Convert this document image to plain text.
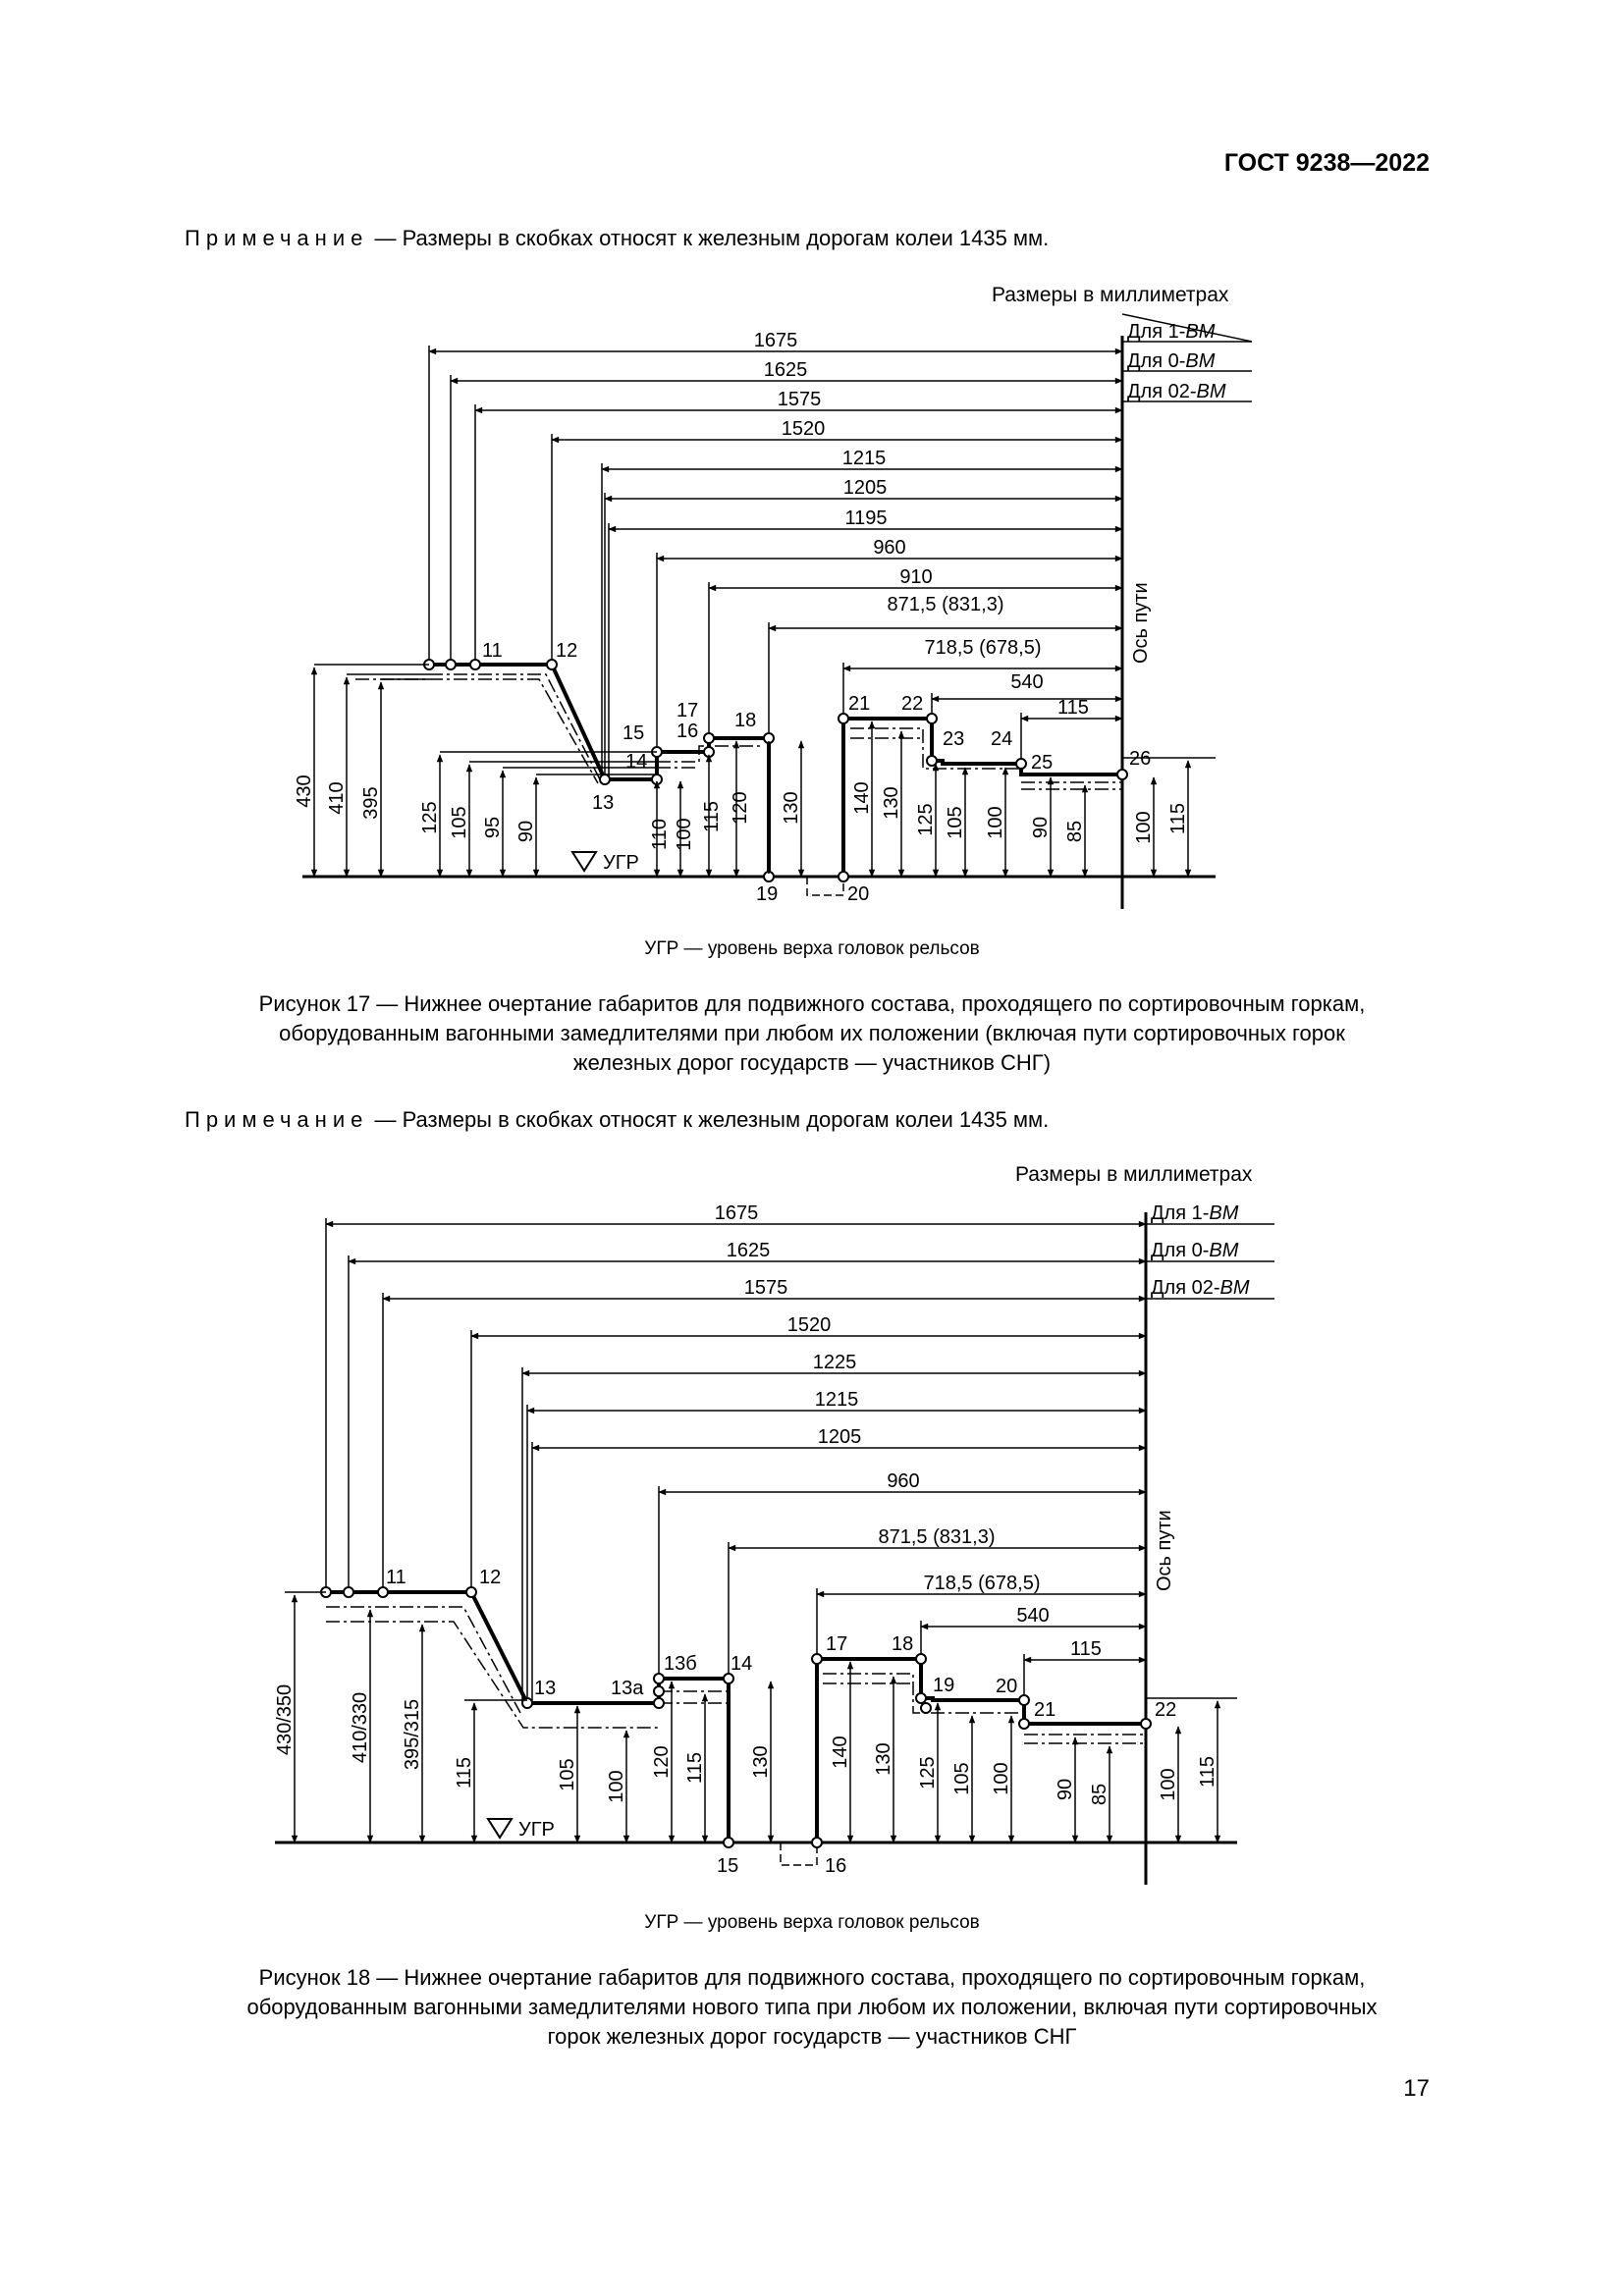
ГОСТ 9238—2022
Примечание — Размеры в скобках относят к железным дорогам колеи 1435 мм.
Размеры в миллиметрах
Ось пути
Для 1-ВМ
Для 0-ВМ
Для 02-ВМ
1675
1625
1575
1520
1215
1205
1195
960
910
871,5 (831,3)
718,5 (678,5)
540
115
11	12
13
14
15 16
17 18
19	20
21 22
23 24
25	26
430 410 395 125 105 95 90	110 100
115 120 130	140 130
125 105 100 90 85 100 115
УГР
УГР — уровень верха головок рельсов
Рисунок 17 — Нижнее очертание габаритов для подвижного состава, проходящего по сортировочным горкам,
оборудованным вагонными замедлителями при любом их положении (включая пути сортировочных горок
железных дорог государств — участников СНГ)
Примечание — Размеры в скобках относят к железным дорогам колеи 1435 мм.
Размеры в миллиметрах
Ось пути
Для 1-ВМ
Для 0-ВМ
Для 02-ВМ
1675
1625
1575
1520
1225
1215
1205
960
871,5 (831,3)
718,5 (678,5)
540
115
11	12
13	13а
13б 14
15	16
17 18
19 20
21	22
430/350	410/330 395/315
115	105 100
120 115 130	140 130 125 105 100 90 85 100 115
УГР
УГР — уровень верха головок рельсов
Рисунок 18 — Нижнее очертание габаритов для подвижного состава, проходящего по сортировочным горкам,
оборудованным вагонными замедлителями нового типа при любом их положении, включая пути сортировочных
горок железных дорог государств — участников СНГ
17
